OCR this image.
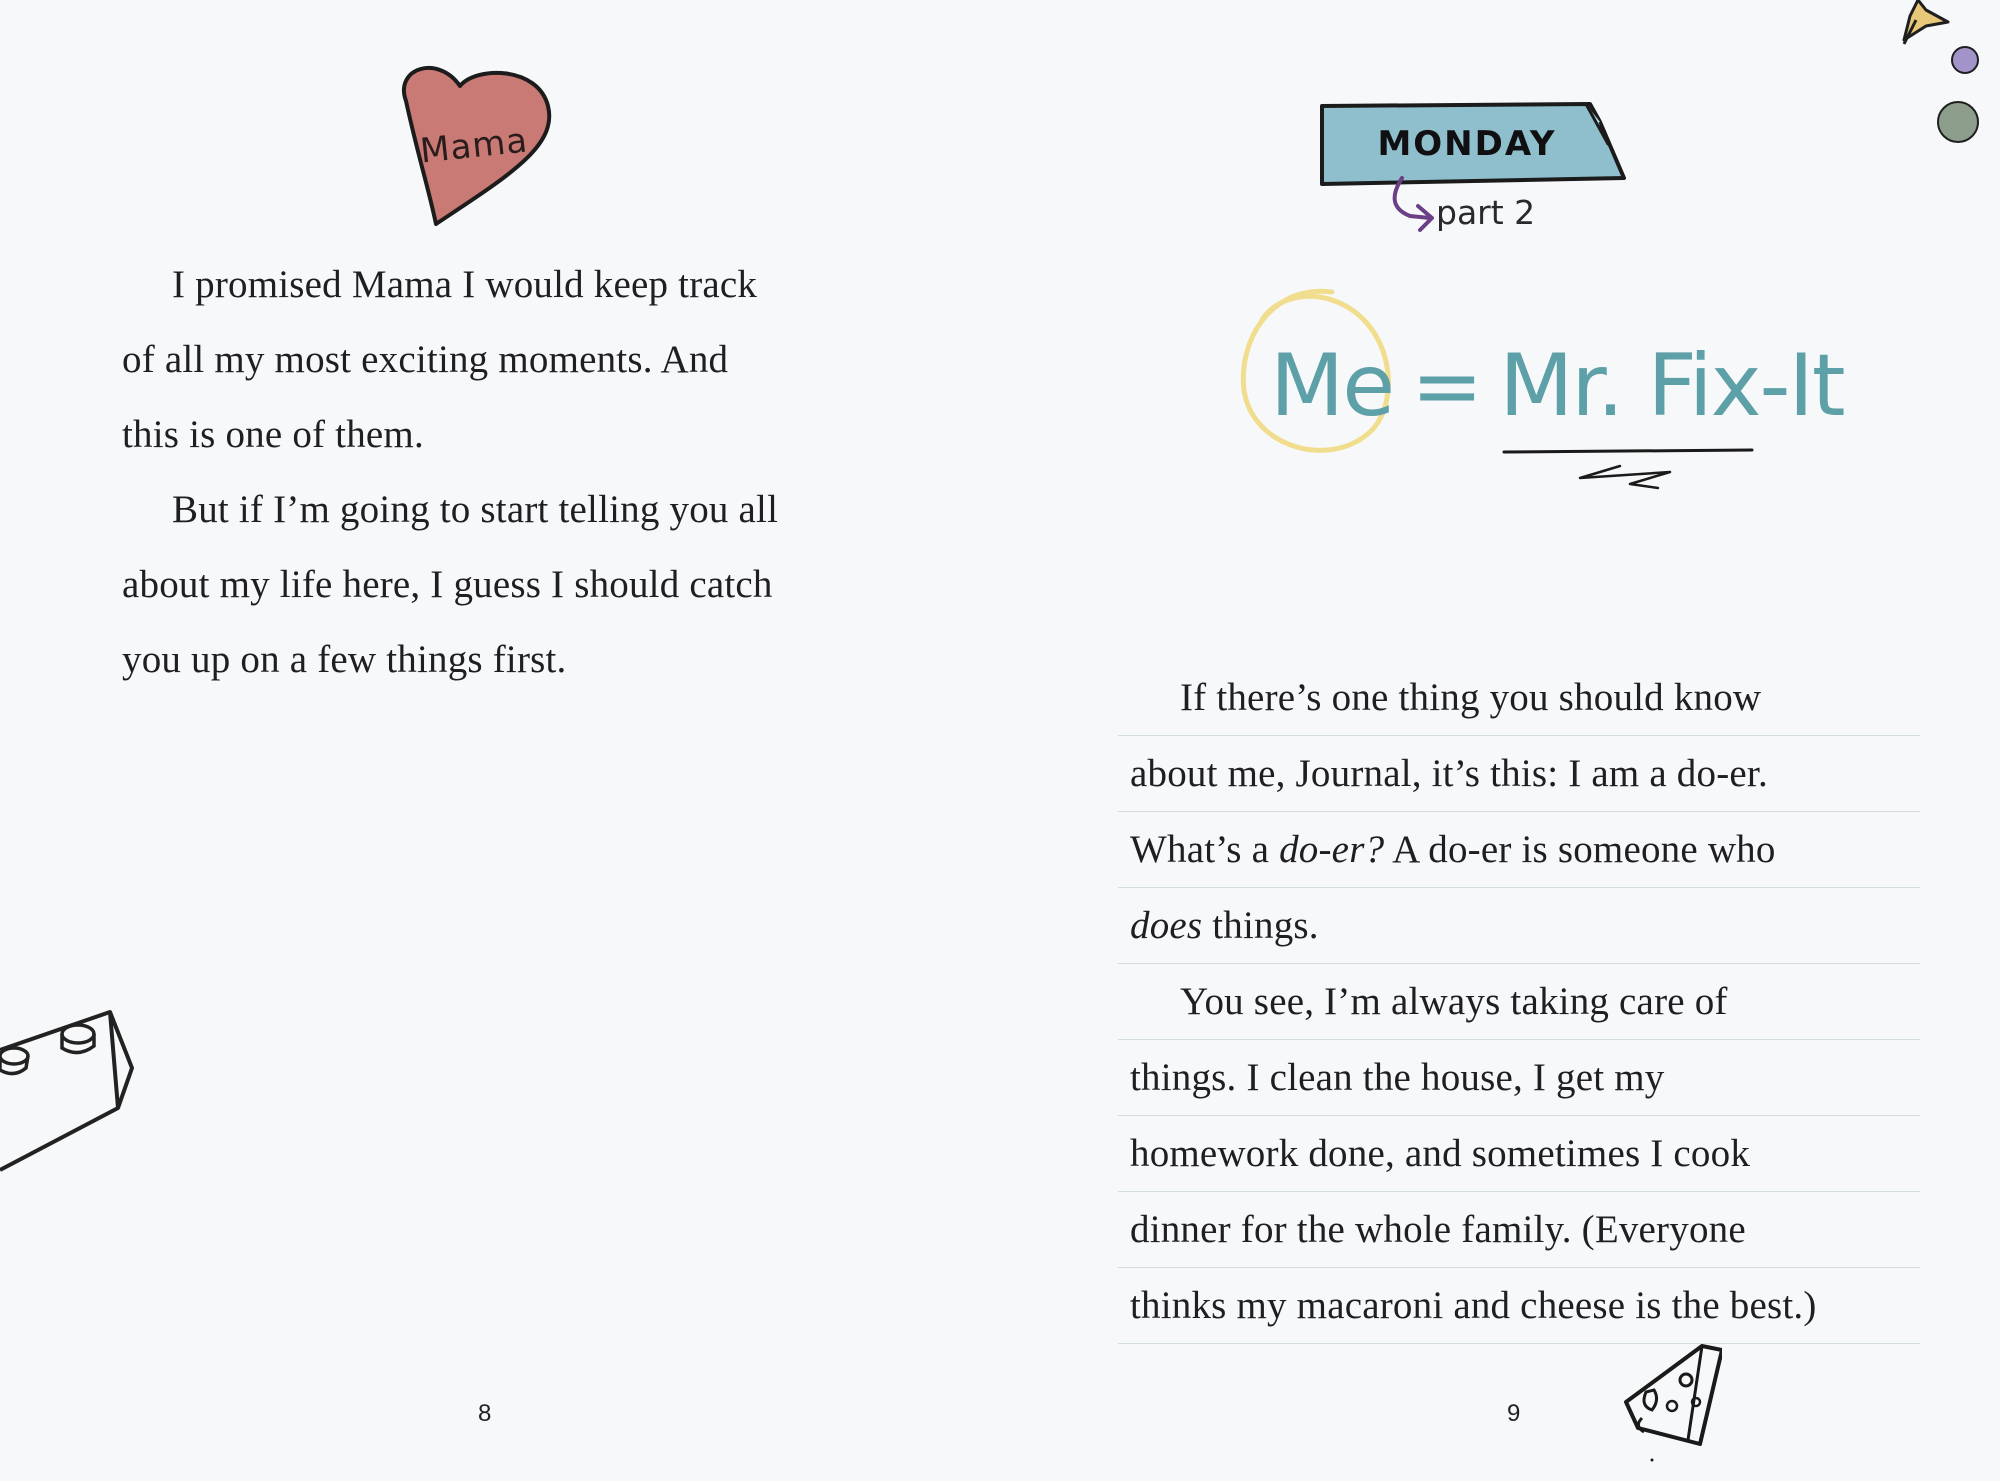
Mama
I promised Mama I would keep track
of all my most exciting moments. And
this is one of them.
But if I’m going to start telling you all
about my life here, I guess I should catch
you up on a few things first.
8
MONDAY
part 2
Me = Mr. Fix-It
If there’s one thing you should know
about me, Journal, it’s this: I am a do-er.
What’s a do-er? A do-er is someone who
does things.
You see, I’m always taking care of
things. I clean the house, I get my
homework done, and sometimes I cook
dinner for the whole family. (Everyone
thinks my macaroni and cheese is the best.)
9
